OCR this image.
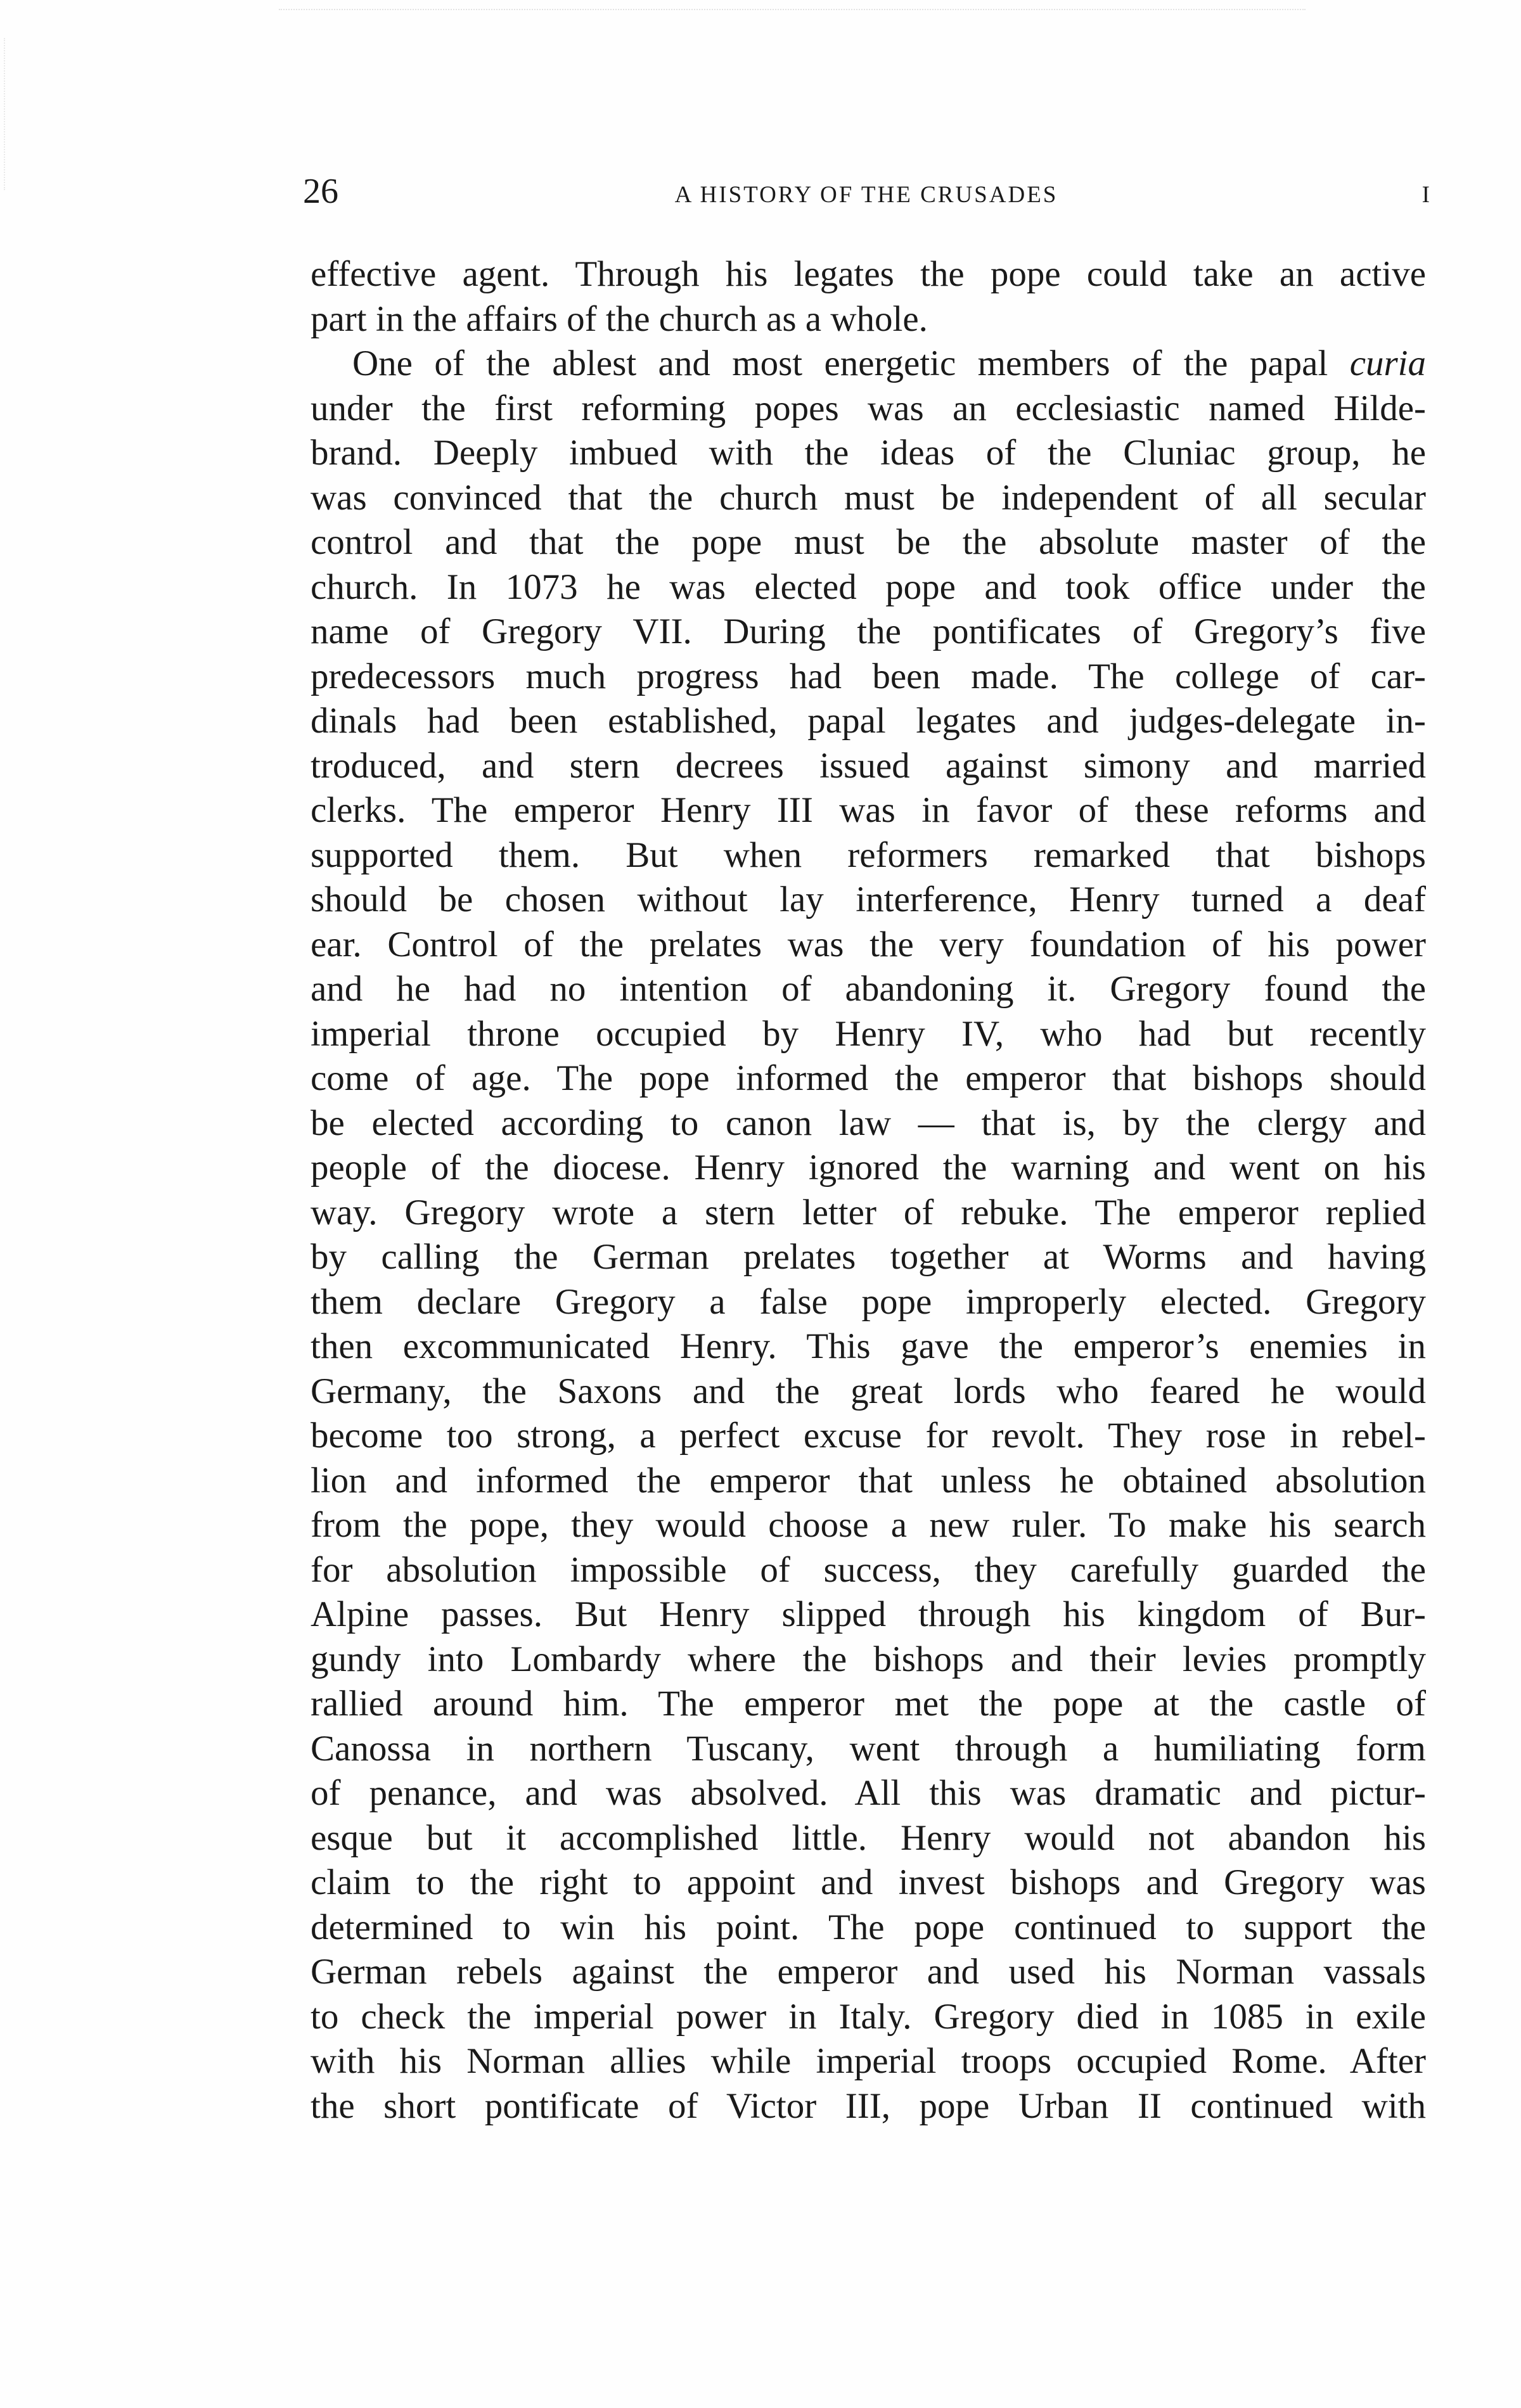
26	A HISTORY OF THE CRUSADES	I
effective agent. Through his legates the pope could take an active
part in the affairs of the church as a whole.
One of the ablest and most energetic members of the papal curia
under the first reforming popes was an ecclesiastic named Hilde-
brand. Deeply imbued with the ideas of the Cluniac group, he
was convinced that the church must be independent of all secular
control and that the pope must be the absolute master of the
church. In 1073 he was elected pope and took office under the
name of Gregory VII. During the pontificates of Gregory’s five
predecessors much progress had been made. The college of car-
dinals had been established, papal legates and judges-delegate in-
troduced, and stern decrees issued against simony and married
clerks. The emperor Henry III was in favor of these reforms and
supported them. But when reformers remarked that bishops
should be chosen without lay interference, Henry turned a deaf
ear. Control of the prelates was the very foundation of his power
and he had no intention of abandoning it. Gregory found the
imperial throne occupied by Henry IV, who had but recently
come of age. The pope informed the emperor that bishops should
be elected according to canon law — that is, by the clergy and
people of the diocese. Henry ignored the warning and went on his
way. Gregory wrote a stern letter of rebuke. The emperor replied
by calling the German prelates together at Worms and having
them declare Gregory a false pope improperly elected. Gregory
then excommunicated Henry. This gave the emperor’s enemies in
Germany, the Saxons and the great lords who feared he would
become too strong, a perfect excuse for revolt. They rose in rebel-
lion and informed the emperor that unless he obtained absolution
from the pope, they would choose a new ruler. To make his search
for absolution impossible of success, they carefully guarded the
Alpine passes. But Henry slipped through his kingdom of Bur-
gundy into Lombardy where the bishops and their levies promptly
rallied around him. The emperor met the pope at the castle of
Canossa in northern Tuscany, went through a humiliating form
of penance, and was absolved. All this was dramatic and pictur-
esque but it accomplished little. Henry would not abandon his
claim to the right to appoint and invest bishops and Gregory was
determined to win his point. The pope continued to support the
German rebels against the emperor and used his Norman vassals
to check the imperial power in Italy. Gregory died in 1085 in exile
with his Norman allies while imperial troops occupied Rome. After
the short pontificate of Victor III, pope Urban II continued with
